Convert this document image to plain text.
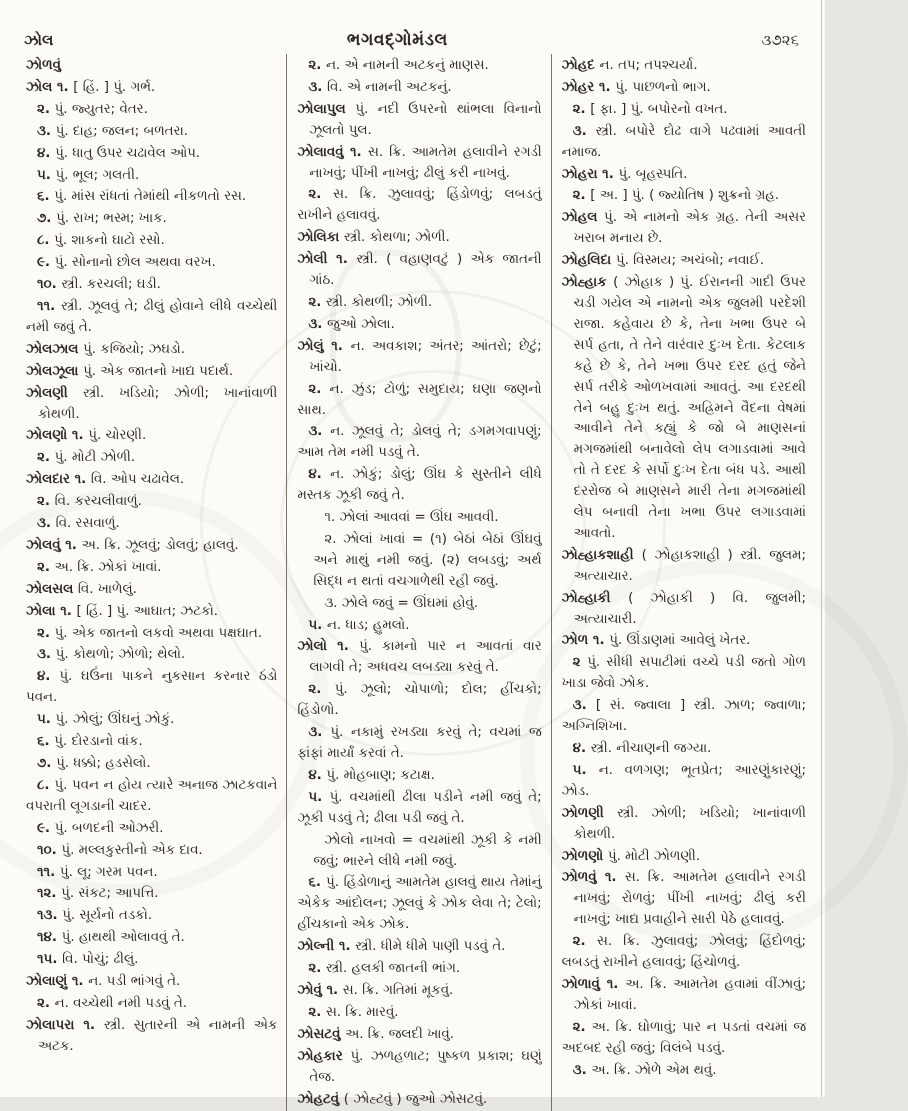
ઝોલ	ભગવદ્ગોમંડલ	૩૭૨૬

ઝોળવું

ઝોલ ૧. [ હિં. ] પું. ગર્ભ.

૨. પું. જ્યુતર; વેતર.

૩. પું. દાહ; જલન; બળતરા.

૪. પું. ધાતુ ઉપર ચઢાવેલ ઓપ.

૫. પું. ભૂલ; ગલતી.

૬. પું. માંસ રાંધતાં તેમાંથી નીકળતો રસ.

૭. પું. રાખ; ભસ્મ; ખાક.

૮. પું. શાકનો ઘાટો રસો.

૯. પું. સોનાનો છોલ અથવા વરખ.

૧૦. સ્ત્રી. કરચલી; ઘડી.

૧૧. સ્ત્રી. ઝૂલવું તે; ઢીલું હોવાને લીધે વચ્ચેથી નમી જવું તે.

ઝોલઝાલ પું. કજિયો; ઝઘડો.

ઝોલઝૂલા પું. એક જાતનો ખાદ્ય પદાર્થ.

ઝોલણી સ્ત્રી. ખડિયો; ઝોળી; ખાનાંવાળી કોથળી.

ઝોલણો ૧. પું. ચોરણી.

૨. પું. મોટી ઝોળી.

ઝોલદાર ૧. વિ. ઓપ ચઢાવેલ.

૨. વિ. કરચલીવાળું.

૩. વિ. રસવાળું.

ઝોલવું ૧. અ. ક્રિ. ઝૂલવું; ડોલવું; હાલવું.

૨. અ. ક્રિ. ઝોકાં ખાવાં.

ઝોલસલ વિ. ખાળેલું.

ઝોલા ૧. [ હિં. ] પું. આઘાત; ઝટકો.

૨. પું. એક જાતનો લકવો અથવા પક્ષઘાત.

૩. પું. કોથળો; ઝોળો; થેલો.

૪. પું. ઘઉંના પાકને નુકસાન કરનાર ઠંડો પવન.

૫. પું. ઝોલું; ઊંઘનું ઝોકું.

૬. પું. દોરડાનો વાંક.

૭. પું. ધક્કો; હડસેલો.

૮. પું. પવન ન હોય ત્યારે અનાજ ઝાટકવાને વપરાતી લૂગડાની ચાદર.

૯. પું. બળદની ઓઝરી.

૧૦. પું. મલ્લકુસ્તીનો એક દાવ.

૧૧. પું. લૂ; ગરમ પવન.

૧૨. પું. સંકટ; આપત્તિ.

૧૩. પું. સૂર્યનો તડકો.

૧૪. પું. હાથથી ઓલાવવું તે.

૧૫. વિ. પોચું; ઢીલું.

ઝોલાણું ૧. ન. પડી ભાંગવું તે.

૨. ન. વચ્ચેથી નમી પડવું તે.

ઝોલાપરા ૧. સ્ત્રી. સુતારની એ નામની એક અટક.

૨. ન. એ નામની અટકનું માણસ.

૩. વિ. એ નામની અટકનું.

ઝોલાપુલ પું. નદી ઉપરનો થાંભલા વિનાનો ઝૂલતો પુલ.

ઝોલાવવું ૧. સ. ક્રિ. આમતેમ હલાવીને રગડી નાખવું; પીંખી નાખવું; ઢીલું કરી નાખવું.

૨. સ. ક્રિ. ઝુલાવવું; હિંડોળવું; લબડતું રાખીને હલાવવું.

ઝોલિકા સ્ત્રી. કોથળા; ઝોળી.

ઝોલી ૧. સ્ત્રી. ( વહાણવટું ) એક જાતની ગાંઠ.

૨. સ્ત્રી. કોથળી; ઝોળી.

૩. જુઓ ઝોલા.

ઝોલું ૧. ન. અવકાશ; અંતર; આંતરો; છેટું; ખાંચો.

૨. ન. ઝુંડ; ટોળું; સમુદાય; ઘણા જણનો સાથ.

૩. ન. ઝૂલવું તે; ડોલવું તે; ડગમગવાપણું; આમ તેમ નમી પડવું તે.

૪. ન. ઝોકું; ડોલું; ઊંઘ કે સુસ્તીને લીધે મસ્તક ઝૂકી જવું તે.

૧. ઝોલાં આવવાં = ઊંઘ આવવી.

૨. ઝોલાં ખાવાં = (૧) બેઠાં બેઠાં ઊંઘવું અને માથું નમી જવું. (૨) લબડવું; અર્થ સિદ્ધ ન થતાં વચગાળેથી રહી જવું.

૩. ઝોલે જવું = ઊંઘમાં હોવું.

૫. ન. ધાડ; હુમલો.

ઝોલો ૧. પું. કામનો પાર ન આવતાં વાર લાગવી તે; અધવચ લબડ્યા કરવું તે.

૨. પું. ઝૂલો; ચોપાળો; દોલ; હીંચકો; હિંડોળો.

૩. પું. નકામું રખડ્યા કરવું તે; વચમાં જ ફાંફાં માર્યાં કરવાં તે.

૪. પું. મોહબાણ; કટાક્ષ.

૫. પું. વચમાંથી ઢીલા પડીને નમી જવું તે; ઝૂકી પડવું તે; ઢીલા પડી જવું તે.

ઝોલો નાખવો = વચમાંથી ઝૂકી કે નમી જવું; ભારને લીધે નમી જવું.

૬. પું. હિંડોળાનું આમતેમ હાલવું થાય તેમાંનું એકેક આંદોલન; ઝૂલવું કે ઝોક લેવા તે; ટેલો; હીંચકાનો એક ઝોક.

ઝોલ્ની ૧. સ્ત્રી. ધીમે ધીમે પાણી પડવું તે.

૨. સ્ત્રી. હલકી જાતની ભાંગ.

ઝોવું ૧. સ. ક્રિ. ગતિમાં મૂકવું.

૨. સ. ક્રિ. મારવું.

ઝોસટવું અ. ક્રિ. જલદી ખાવું.

ઝોહકાર પું. ઝળહળાટ; પુષ્કળ પ્રકાશ; ઘણું તેજ.

ઝોહટવું ( ઝોહ્ટવું ) જુઓ ઝોસટવું.

ઝોહદ ન. તપ; તપશ્ચર્યા.

ઝોહર ૧. પું. પાછળનો ભાગ.

૨. [ ફા. ] પું. બપોરનો વખત.

૩. સ્ત્રી. બપોરે દોઢ વાગે પઢવામાં આવતી નમાજ.

ઝોહરા ૧. પું. બૃહસ્પતિ.

૨. [ અ. ] પું. ( જ્યોતિષ ) શુક્રનો ગ્રહ.

ઝોહલ પું. એ નામનો એક ગ્રહ. તેની અસર ખરાબ મનાય છે.

ઝોહલિદા પું. વિસ્મય; અચંબો; નવાઈ.

ઝોહ્હાક ( ઝોહાક ) પું. ઈરાનની ગાદી ઉપર ચડી ગયેલ એ નામનો એક જુલમી પરદેશી રાજા. કહેવાય છે કે, તેના ખભા ઉપર બે સર્પ હતા, તે તેને વારંવાર દુઃખ દેતા. કેટલાક કહે છે કે, તેને ખભા ઉપર દરદ હતું જેને સર્પ તરીકે ઓળખવામાં આવતું. આ દરદથી તેને બહુ દુઃખ થતું. અહ્રિમને વૈદના વેષમાં આવીને તેને કહ્યું કે જો બે માણસનાં મગજમાંથી બનાવેલો લેપ લગાડવામાં આવે તો તે દરદ કે સર્પો દુઃખ દેતા બંધ પડે. આથી દરરોજ બે માણસને મારી તેના મગજમાંથી લેપ બનાવી તેના ખભા ઉપર લગાડવામાં આવતો.

ઝોહ્હાકશાહી ( ઝોહાકશાહી ) સ્ત્રી. જુલમ; અત્યાચાર.

ઝોહ્હાકી ( ઝોહાકી ) વિ. જુલમી; અત્યાચારી.

ઝોળ ૧. પું. ઊંડાણમાં આવેલું ખેતર.

૨ પું. સીધી સપાટીમાં વચ્ચે પડી જતો ગોળ ખાડા જેવો ઝોક.

૩. [ સં. જ્વાલા ] સ્ત્રી. ઝાળ; જ્વાળા; અગ્નિશિખા.

૪. સ્ત્રી. નીચાણની જગ્યા.

૫. ન. વળગણ; ભૂતપ્રેત; આરણુંકારણું; ઝોડ.

ઝોળણી સ્ત્રી. ઝોળી; ખડિયો; ખાનાંવાળી કોથળી.

ઝોળણો પું. મોટી ઝોળણી.

ઝોળવું ૧. સ. ક્રિ. આમતેમ હલાવીને રગડી નાખવું; રોળવું; પીંખી નાખવું; ઢીલું કરી નાખવું; ખાદ્ય પ્રવાહીને સારી પેઠે હલાવવું.

૨. સ. ક્રિ. ઝુલાવવું; ઝોલવું; હિંદોળવું; લબડતું રાખીને હલાવવું; હિંચોળવું.

ઝોળાવું ૧. અ. ક્રિ. આમતેમ હવામાં વીંઝાવું; ઝોકાં ખાવાં.

૨. અ. ક્રિ. ઘોળાવું; પાર ન પડતાં વચમાં જ અદબદ રહી જવું; વિલંબે પડવું.

૩. અ. ક્રિ. ઝોળે એમ થવું.
